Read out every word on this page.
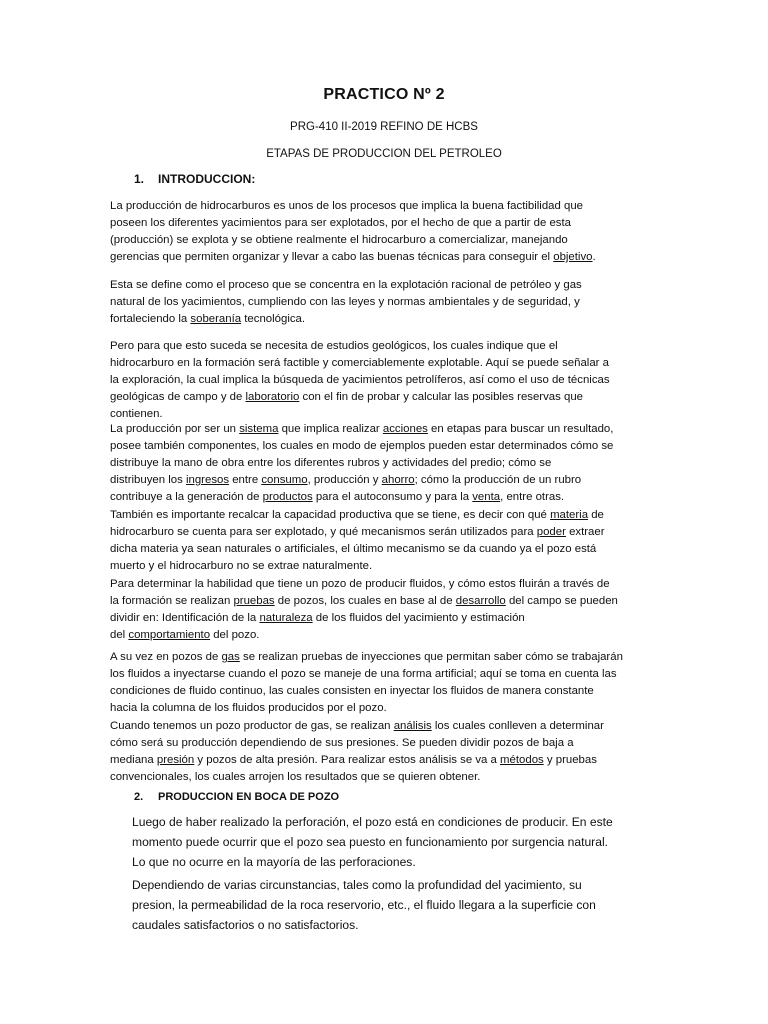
PRACTICO Nº 2
PRG-410 II-2019 REFINO DE HCBS
ETAPAS DE PRODUCCION DEL PETROLEO
1. INTRODUCCION:

La producción de hidrocarburos es unos de los procesos que implica la buena factibilidad que
poseen los diferentes yacimientos para ser explotados, por el hecho de que a partir de esta
(producción) se explota y se obtiene realmente el hidrocarburo a comercializar, manejando
gerencias que permiten organizar y llevar a cabo las buenas técnicas para conseguir el objetivo.

Esta se define como el proceso que se concentra en la explotación racional de petróleo y gas
natural de los yacimientos, cumpliendo con las leyes y normas ambientales y de seguridad, y
fortaleciendo la soberanía tecnológica.

Pero para que esto suceda se necesita de estudios geológicos, los cuales indique que el
hidrocarburo en la formación será factible y comerciablemente explotable. Aquí se puede señalar a
la exploración, la cual implica la búsqueda de yacimientos petrolíferos, así como el uso de técnicas
geológicas de campo y de laboratorio con el fin de probar y calcular las posibles reservas que
contienen.

La producción por ser un sistema que implica realizar acciones en etapas para buscar un resultado,
posee también componentes, los cuales en modo de ejemplos pueden estar determinados cómo se
distribuye la mano de obra entre los diferentes rubros y actividades del predio; cómo se
distribuyen los ingresos entre consumo, producción y ahorro; cómo la producción de un rubro
contribuye a la generación de productos para el autoconsumo y para la venta, entre otras.

También es importante recalcar la capacidad productiva que se tiene, es decir con qué materia de
hidrocarburo se cuenta para ser explotado, y qué mecanismos serán utilizados para poder extraer
dicha materia ya sean naturales o artificiales, el último mecanismo se da cuando ya el pozo está
muerto y el hidrocarburo no se extrae naturalmente.

Para determinar la habilidad que tiene un pozo de producir fluidos, y cómo estos fluirán a través de
la formación se realizan pruebas de pozos, los cuales en base al de desarrollo del campo se pueden
dividir en: Identificación de la naturaleza de los fluidos del yacimiento y estimación
del comportamiento del pozo.

A su vez en pozos de gas se realizan pruebas de inyecciones que permitan saber cómo se trabajarán
los fluidos a inyectarse cuando el pozo se maneje de una forma artificial; aquí se toma en cuenta las
condiciones de fluido continuo, las cuales consisten en inyectar los fluidos de manera constante
hacia la columna de los fluidos producidos por el pozo.

Cuando tenemos un pozo productor de gas, se realizan análisis los cuales conlleven a determinar
cómo será su producción dependiendo de sus presiones. Se pueden dividir pozos de baja a
mediana presión y pozos de alta presión. Para realizar estos análisis se va a métodos y pruebas
convencionales, los cuales arrojen los resultados que se quieren obtener.

2. PRODUCCION EN BOCA DE POZO

Luego de haber realizado la perforación, el pozo está en condiciones de producir. En este
momento puede ocurrir que el pozo sea puesto en funcionamiento por surgencia natural.
Lo que no ocurre en la mayoría de las perforaciones.

Dependiendo de varias circunstancias, tales como la profundidad del yacimiento, su
presion, la permeabilidad de la roca reservorio, etc., el fluido llegara a la superficie con
caudales satisfactorios o no satisfactorios.
